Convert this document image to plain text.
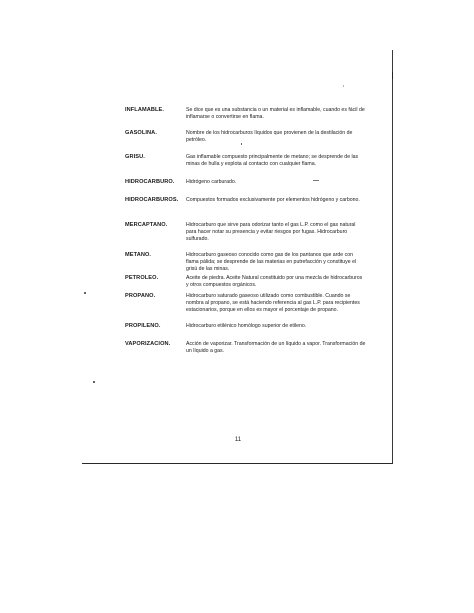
INFLAMABLE.	Se dice que es una substancia o un material es inflamable, cuando es fácil de inflamarse o convertirse en flama.
GASOLINA.	Nombre de los hidrocarburos líquidos que provienen de la destilación de petróleo.
GRISU.	Gas inflamable compuesto principalmente de metano; se desprende de las minas de hulla y explota al contacto con cualquier flama.
HIDROCARBURO.	Hidrógeno carburado.
HIDROCARBUROS.	Compuestos formados exclusivamente por elementos hidrógeno y carbono.
MERCAPTANO.	Hidrocarburo que sirve para odorizar tanto el gas L.P. como el gas natural para hacer notar su presencia y evitar riesgos por fugas. Hidrocarburo sulfurado.
METANO.	Hidrocarburo gaseoso conocido como gas de los pantanos que arde con flama pálida; se desprende de las materias en putrefacción y constituye el grisú de las minas.
PETROLEO.	Aceite de piedra. Aceite Natural constituido por una mezcla de hidrocarburos y otros compuestos orgánicos.
PROPANO.	Hidrocarburo saturado gaseoso utilizado como combustible. Cuando se nombra al propano, se está haciendo referencia al gas L.P. para recipientes estacionarios, porque en ellos es mayor el porcentaje de propano.
PROPILENO.	Hidrocarburo etilénico homólogo superior de etileno.
VAPORIZACION.	Acción de vaporizar. Transformación de un líquido a vapor. Transformación de un líquido a gas.
11
